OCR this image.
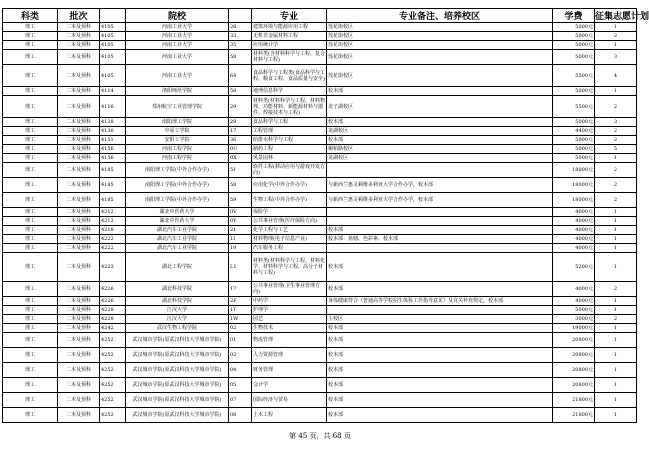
科类	批次		院校		专业	专业备注、培养校区	学费	征集志愿计划
理工	二本及预科	4105	河南工业大学	26	建筑环境与能源应用工程	莲花街校区	5000元	1
理工	二本及预科	4105	河南工业大学	33	无机非金属材料工程	莲花街校区	5000元	2
理工	二本及预科	4105	河南工业大学	35	应用统计学	莲花街校区	5000元	1
理工	二本及预科	4105	河南工业大学	58	材料类(含材料科学与工程、复合材料与工程)	莲花街校区	5000元	3
理工	二本及预科	4105	河南工业大学	64	食品科学与工程类(食品科学与工程、粮食工程、食品质量与安全)	莲花街校区	5500元	4
理工	二本及预科	4114	洛阳师范学院	58	地理信息科学	校本部	5000元	1
理工	二本及预科	4116	郑州航空工业管理学院	29	材料类(材料科学与工程、材料物理、功能材料、新能源材料与器件、焊接技术与工程)	龙子湖校区	5500元	2
理工	二本及预科	4128	南阳理工学院	29	食品科学与工程	校本部	5000元	3
理工	二本及预科	4130	中原工学院	17	工程管理	龙湖校区	4400元	2
理工	二本及预科	4151	安阳工学院	36	给排水科学与工程	校本部	5000元	2
理工	二本及预科	4156	河南工程学院	0U	制药工程	桐柏路校区	5000元	5
理工	二本及预科	4156	河南工程学院	0X	风景园林	龙湖校区	5000元	1
理工	二本及预科	4185	南阳理工学院(中外合作办学)	51	软件工程(移动应用与游戏开发方向)		18000元	2
理工	二本及预科	4185	南阳理工学院(中外合作办学)	58	应用化学(中外合作办学)	与新西兰惠灵顿维多利亚大学合作办学，校本部	18000元	2
理工	二本及预科	4185	南阳理工学院(中外合作办学)	59	生物工程(中外合作办学)	与新西兰惠灵顿维多利亚大学合作办学，校本部	18000元	2
理工	二本及预科	4212	湖北中医药大学	0V	保险学		4000元	1
理工	二本及预科	4212	湖北中医药大学	0Y	公共事业管理(医疗保险方向)		4000元	1
理工	二本及预科	4218	湖北汽车工业学院	21	化学工程与工艺	校本部	4000元	1
理工	二本及预科	4222	湖北汽车工业学院	1I	材料物理(电子信息产业)	校本部：鱼塘、色彩素、校本部	4000元	1
理工	二本及预科	4222	湖北汽车工业学院	19	汽车服务工程		4000元	1
理工	二本及预科	4223	湖北工程学院	L1	材料类(材料科学与工程、材料化学、材料科学与工程、高分子材料与工程)	校本部	5200元	1
理工	二本及预科	4226	湖北科技学院	17	公共事业管理(卫生事业管理方向)	校本部	4000元	2
理工	二本及预科	4226	湖北科技学院	2F	中药学	身体健康符合《普通高等学校招生体检工作指导意见》及有关补充规定，校本部	4000元	1
理工	二本及预科	4228	江汉大学	1T	护理学		5000元	1
理工	二本及预科	4228	江汉大学	1W	园艺	主校区	3000元	2
理工	二本及预科	4242	武汉生物工程学院	02	生物技术	校本部	19000元	1
理工	二本及预科	4252	武汉城市学院(原武汉科技大学城市学院)	01	物流管理	校本部	20800元	1
理工	二本及预科	4252	武汉城市学院(原武汉科技大学城市学院)	02	人力资源管理	校本部	20800元	1
理工	二本及预科	4252	武汉城市学院(原武汉科技大学城市学院)	04	财务管理	校本部	20800元	1
理工	二本及预科	4252	武汉城市学院(原武汉科技大学城市学院)	05	会计学	校本部	20800元	1
理工	二本及预科	4252	武汉城市学院(原武汉科技大学城市学院)	07	国际经济与贸易	校本部	21800元	1
理工	二本及预科	4252	武汉城市学院(原武汉科技大学城市学院)	08	土木工程	校本部	21800元	1
第 45 页，共 68 页
